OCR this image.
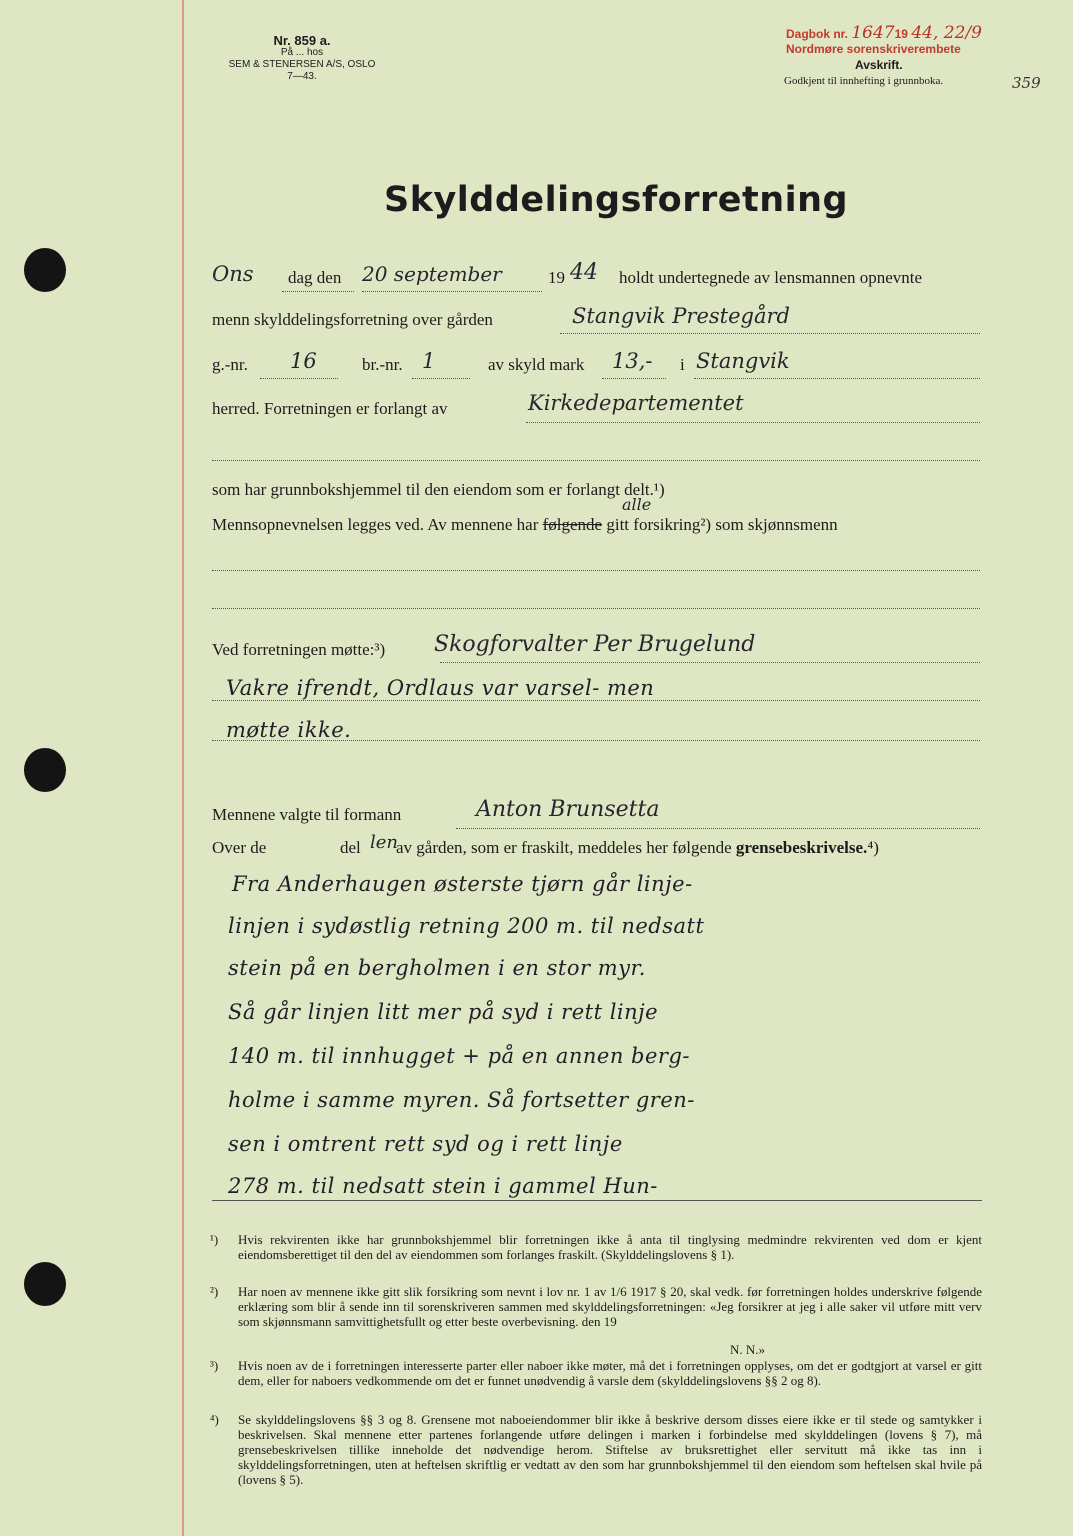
Nr. 859 a.
På ... hos
SEM & STENERSEN A/S, OSLO
7—43.
Dagbok nr. 164719 44, 22/9
Nordmøre sorenskriverembete
Avskrift.
Godkjent til innhefting i grunnboka.	359
Skylddelingsforretning
Ons dag den 20 september	19 44 holdt undertegnede av lensmannen opnevnte
menn skylddelingsforretning over gården	Stangvik Prestegård
g.-nr. 16	br.-nr. 1	av skyld mark 13,- i Stangvik
herred. Forretningen er forlangt av	Kirkedepartementet
som har grunnbokshjemmel til den eiendom som er forlangt delt.¹)
Mennsopnevnelsen legges ved. Av mennene har følgende
alle
gitt forsikring²) som skjønnsmenn
Ved forretningen møtte:³) Skogforvalter Per Brugelund
Vakre ifrendt, Ordlaus var varsel- men
møtte ikke.
Mennene valgte til formann	Anton Brunsetta
Over de	del len
av gården, som er fraskilt, meddeles her følgende grensebeskrivelse.⁴)
Fra Anderhaugen østerste tjørn går linje-
linjen i sydøstlig retning 200 m. til nedsatt
stein på en bergholmen i en stor myr.
Så går linjen litt mer på syd i rett linje
140 m. til innhugget + på en annen berg-
holme i samme myren. Så fortsetter gren-
sen i omtrent rett syd og i rett linje
278 m. til nedsatt stein i gammel Hun-
¹) Hvis rekvirenten ikke har grunnbokshjemmel blir forretningen ikke å anta til tinglysing medmindre rekvirenten ved dom er kjent eiendomsberettiget til den del av eiendommen som forlanges fraskilt. (Skylddelingslovens § 1).
²) Har noen av mennene ikke gitt slik forsikring som nevnt i lov nr. 1 av 1/6 1917 § 20, skal vedk. før forretningen holdes underskrive følgende erklæring som blir å sende inn til sorenskriveren sammen med skylddelingsforretningen: «Jeg forsikrer at jeg i alle saker vil utføre mitt verv som skjønnsmann samvittighetsfullt og etter beste overbevisning. den 19
N. N.»
³) Hvis noen av de i forretningen interesserte parter eller naboer ikke møter, må det i forretningen opplyses, om det er godtgjort at varsel er gitt dem, eller for naboers vedkommende om det er funnet unødvendig å varsle dem (skylddelingslovens §§ 2 og 8).
⁴) Se skylddelingslovens §§ 3 og 8. Grensene mot naboeiendommer blir ikke å beskrive dersom disses eiere ikke er til stede og samtykker i beskrivelsen. Skal mennene etter partenes forlangende utføre delingen i marken i forbindelse med skylddelingen (lovens § 7), må grensebeskrivelsen tillike inneholde det nødvendige herom. Stiftelse av bruksrettighet eller servitutt må ikke tas inn i skylddelingsforretningen, uten at heftelsen skriftlig er vedtatt av den som har grunnbokshjemmel til den eiendom som heftelsen skal hvile på (lovens § 5).
